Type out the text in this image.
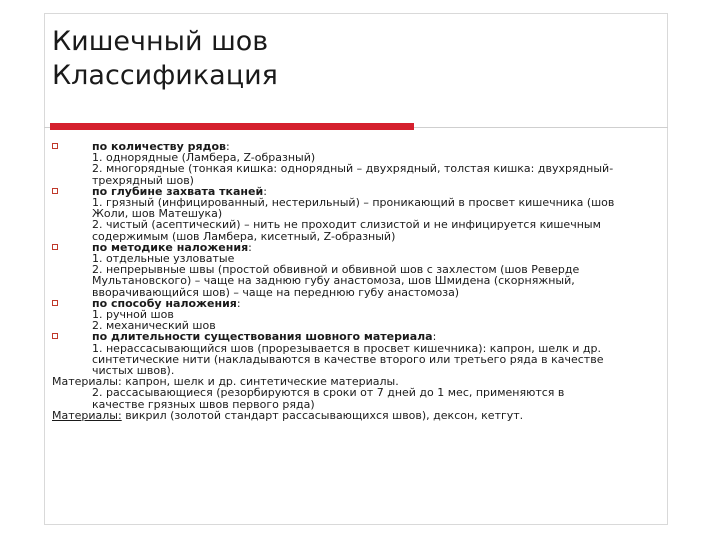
Кишечный шов
Классификация
по количеству рядов:
1. однорядные (Ламбера, Z-образный)
2. многорядные (тонкая кишка: однорядный – двухрядный, толстая кишка: двухрядный-
трехрядный шов)
по глубине захвата тканей:
1. грязный (инфицированный, нестерильный) – проникающий в просвет кишечника (шов
Жоли, шов Матешука)
2. чистый (асептический) – нить не проходит слизистой и не инфицируется кишечным
содержимым (шов Ламбера, кисетный, Z-образный)
по методике наложения:
1. отдельные узловатые
2. непрерывные швы (простой обвивной и обвивной шов с захлестом (шов Реверде
Мультановского) – чаще на заднюю губу анастомоза, шов Шмидена (скорняжный,
вворачивающийся шов) – чаще на переднюю губу анастомоза)
по способу наложения:
1. ручной шов
2. механический шов
по длительности существования шовного материала:
1. нерассасывающийся шов (прорезывается в просвет кишечника): капрон, шелк и др.
синтетические нити (накладываются в качестве второго или третьего ряда в качестве
чистых швов).
Материалы: капрон, шелк и др. синтетические материалы.
2. рассасывающиеся (резорбируются в сроки от 7 дней до 1 мес, применяются в
качестве грязных швов первого ряда)
Материалы: викрил (золотой стандарт рассасывающихся швов), дексон, кетгут.
